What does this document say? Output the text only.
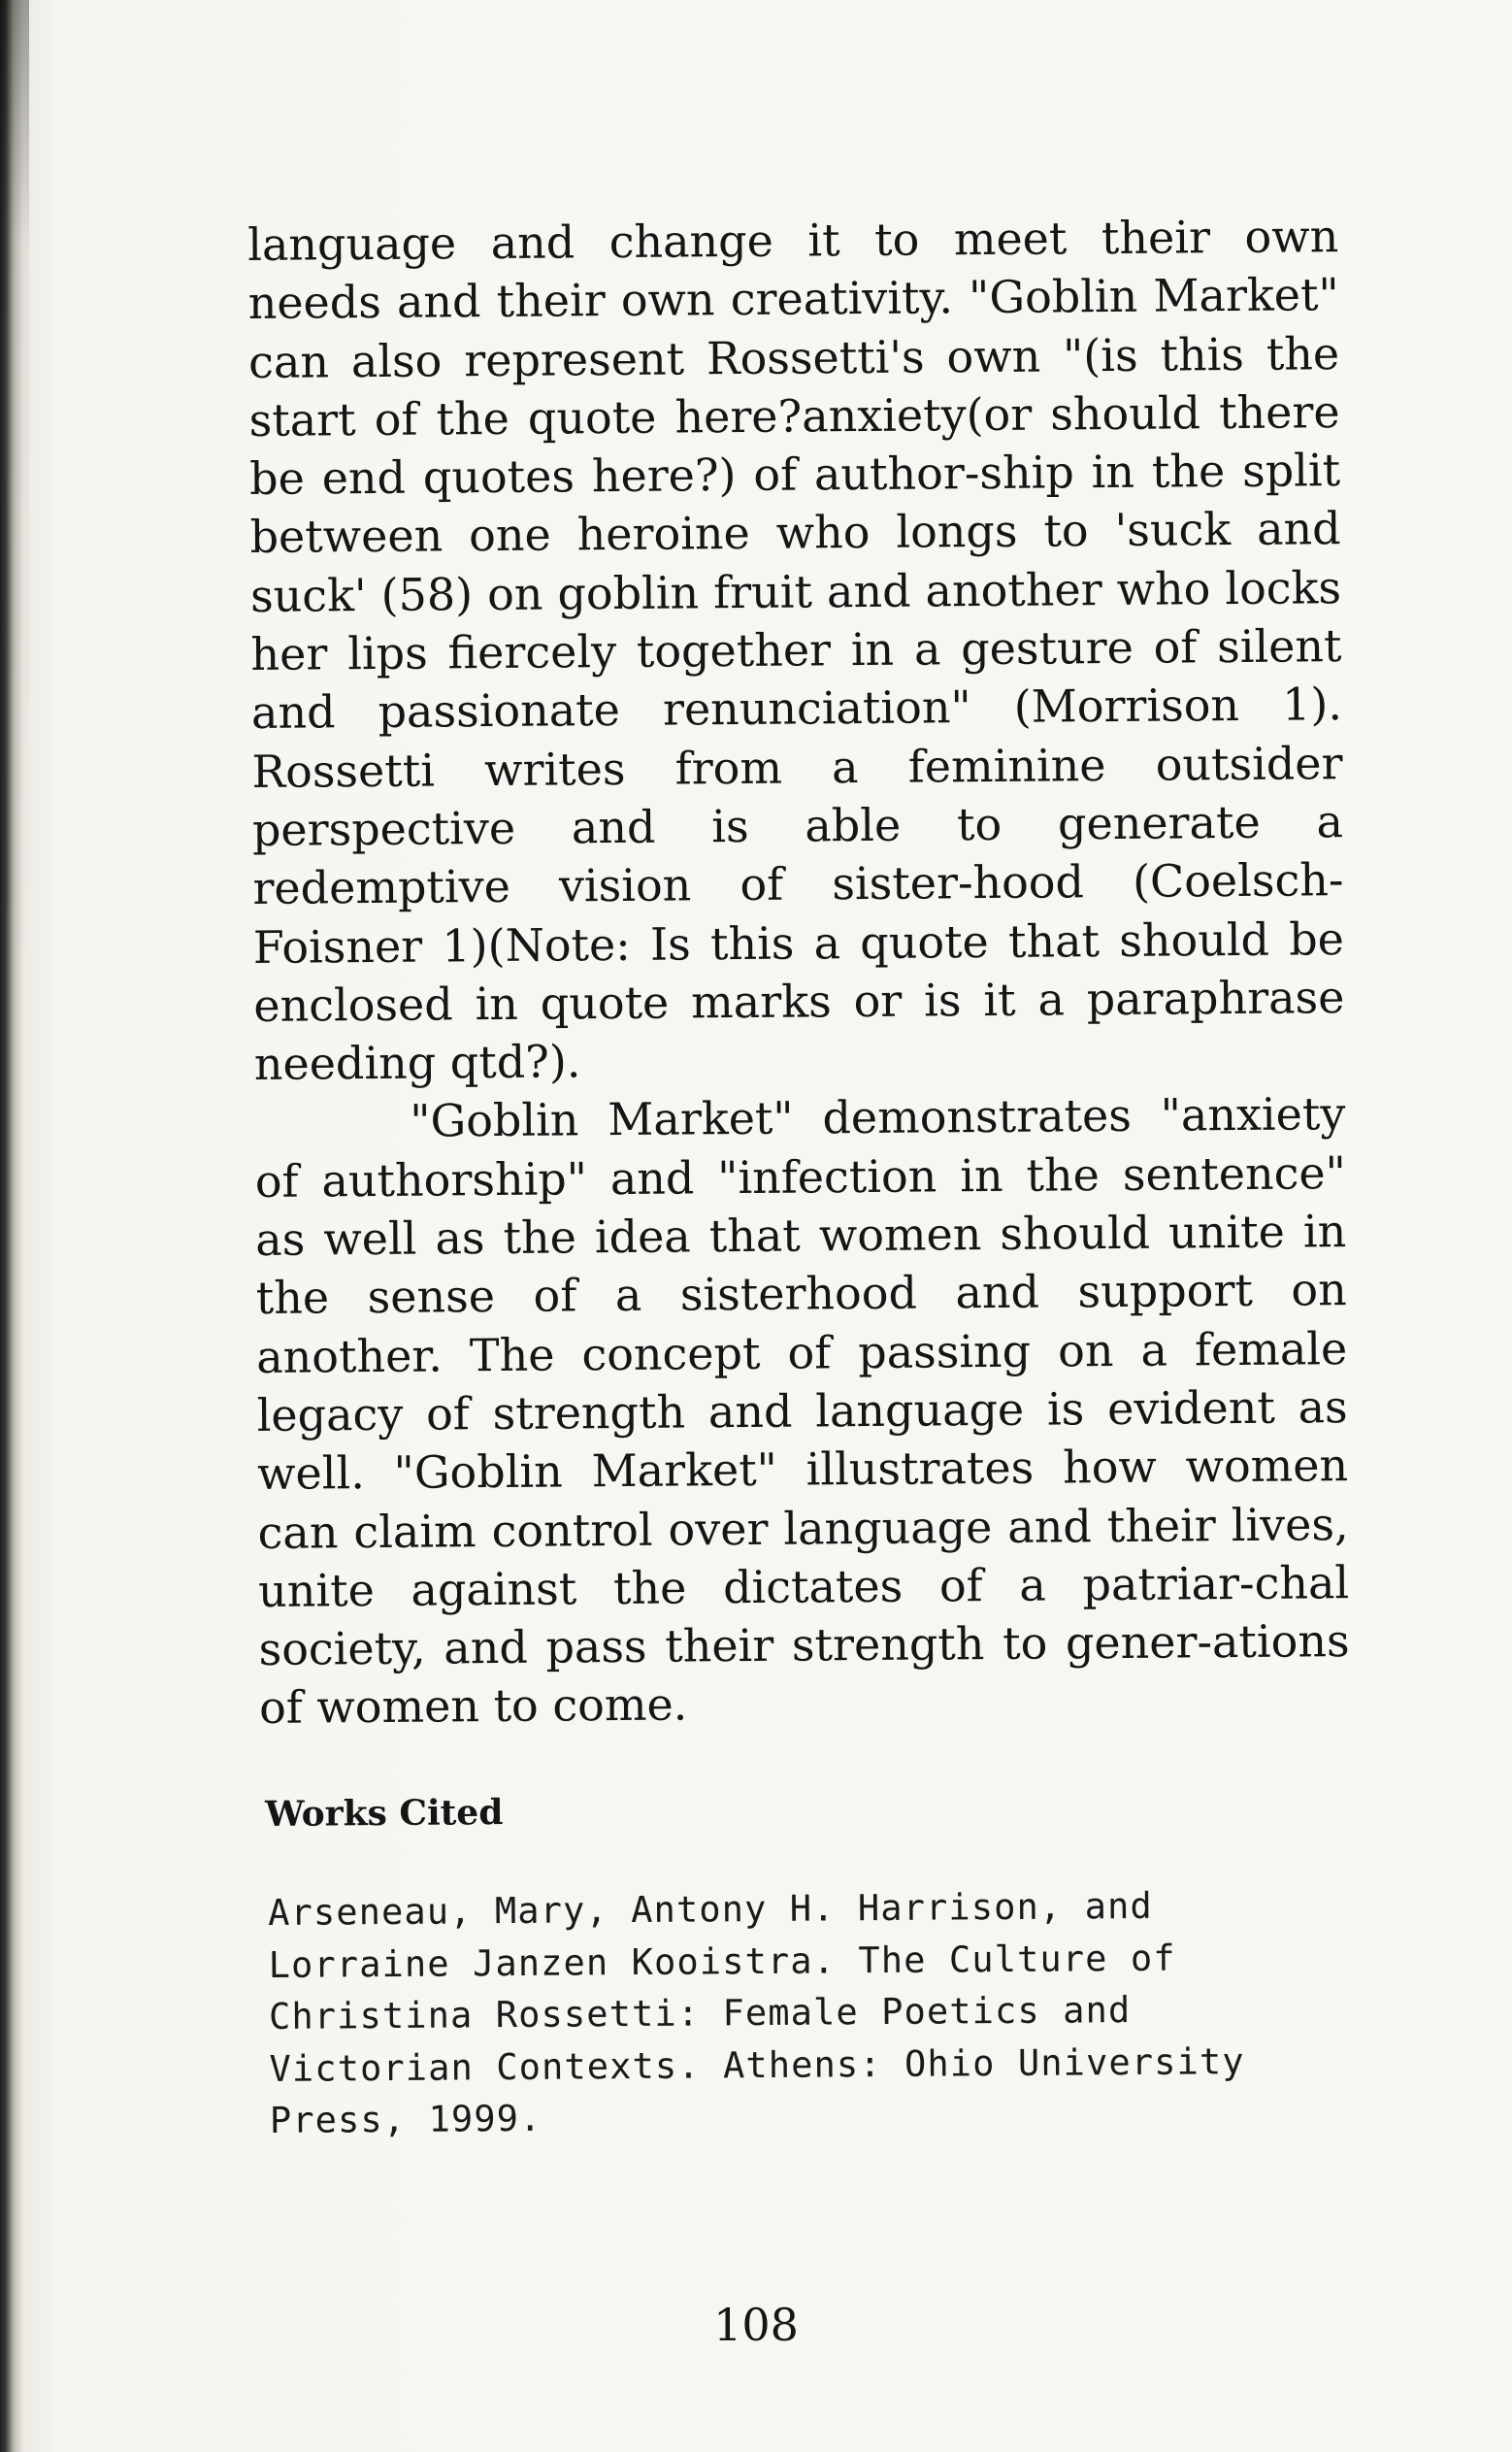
language and change it to meet their own needs and their own creativity. "Goblin Market" can also represent Rossetti's own "(is this the start of the quote here?anxiety(or should there be end quotes here?) of author-ship in the split between one heroine who longs to 'suck and suck' (58) on goblin fruit and another who locks her lips fiercely together in a gesture of silent and passionate renunciation" (Morrison 1). Rossetti writes from a feminine outsider perspective and is able to generate a redemptive vision of sister-hood (Coelsch-Foisner 1)(Note: Is this a quote that should be enclosed in quote marks or is it a paraphrase needing qtd?).

"Goblin Market" demonstrates "anxiety of authorship" and "infection in the sentence" as well as the idea that women should unite in the sense of a sisterhood and support on another. The concept of passing on a female legacy of strength and language is evident as well. "Goblin Market" illustrates how women can claim control over language and their lives, unite against the dictates of a patriar-chal society, and pass their strength to gener-ations of women to come.

Works Cited
Arseneau, Mary, Antony H. Harrison, and Lorraine Janzen Kooistra. The Culture of Christina Rossetti: Female Poetics and Victorian Contexts. Athens: Ohio University Press, 1999.
108
